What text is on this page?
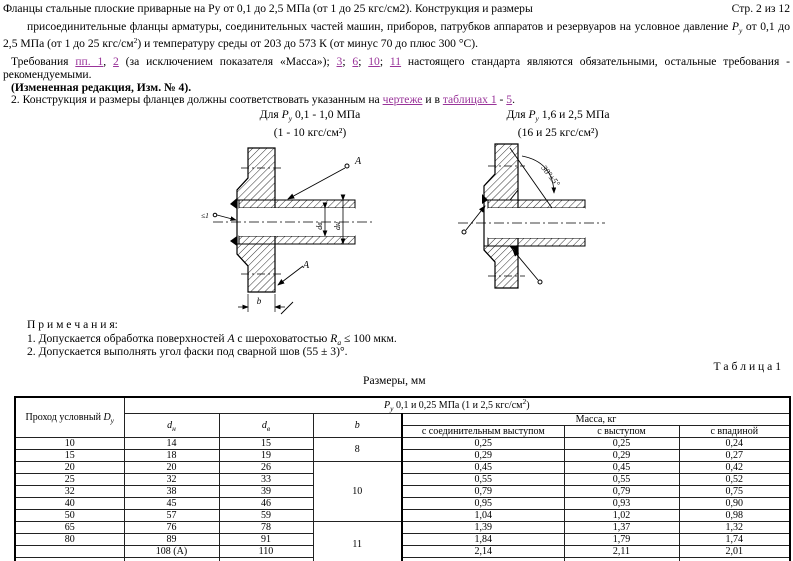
Фланцы стальные плоские приварные на Ру от 0,1 до 2,5 МПа (от 1 до 25 кгс/см2). Конструкция и размеры	Стр. 2 из 12
присоединительные фланцы арматуры, соединительных частей машин, приборов, патрубков аппаратов и резервуаров на условное давление $P_у$ от 0,1 до 2,5 МПа (от 1 до 25 кгс/$см^2$) и температуру среды от 203 до 573 К (от минус 70 до плюс 300 °С).
Требования пп. 1, 2 (за исключением показателя «Масса»); 3; 6; 10; 11 настоящего стандарта являются обязательными, остальные требования - рекомендуемыми.
(Измененная редакция, Изм. № 4).
2. Конструкция и размеры фланцев должны соответствовать указанным на чертеже и в таблицах 1 - 5.
Для $P_у$ 0,1 - 1,0 МПа
(1 - 10 кгс/см²)
Для $P_у$ 1,6 и 2,5 МПа
(16 и 25 кгс/см²)
dв dн
А
А
b
≤1
30°±5°
П р и м е ч а н и я:
1. Допускается обработка поверхностей А с шероховатостью $R_а \le 100$ мкм.
2. Допускается выполнять угол фаски под сварной шов (55 ± 3)°.
Т а б л и ц а 1
Размеры, мм
Проход условный $D_у$	$P_у$ 0,1 и 0,25 МПа (1 и 2,5 кгс/$см^2$)					
	$d_н$	$d_в$	b	Масса, кг		
				с соединительным выступом	с выступом	с впадиной
10	14	15	8	0,25	0,25	0,24
15	18	19		0,29	0,29	0,27
20	20	26	10	0,45	0,45	0,42
25	32	33		0,55	0,55	0,52
32	38	39		0,79	0,79	0,75
40	45	46		0,95	0,93	0,90
50	57	59		1,04	1,02	0,98
65	76	78	11	1,39	1,37	1,32
80	89	91		1,84	1,79	1,74
	108 (А)	110		2,14	2,11	2,01
